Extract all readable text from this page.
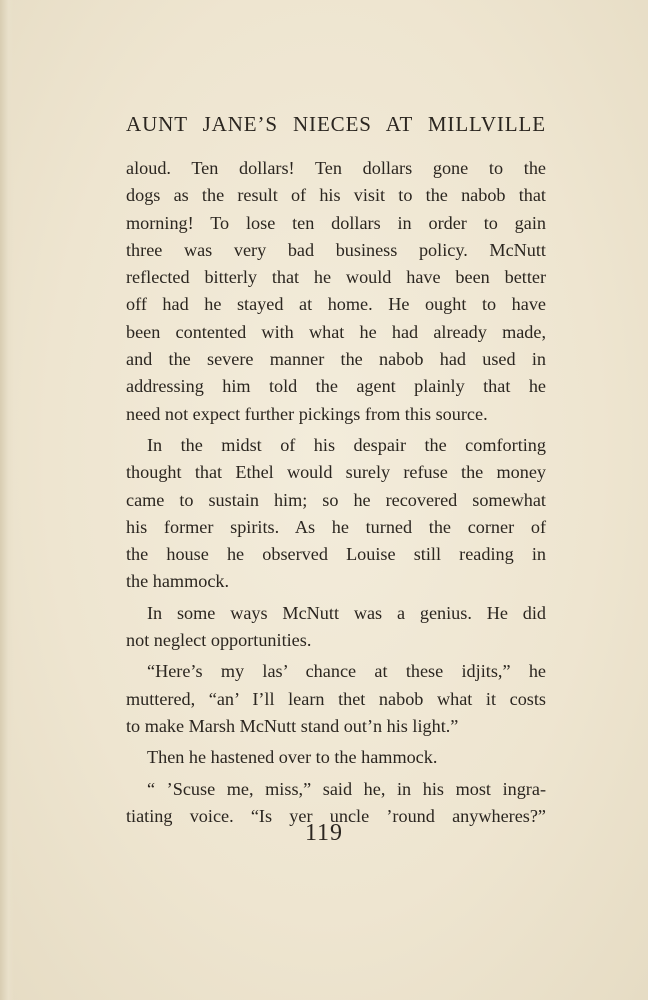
AUNT JANE’S NIECES AT MILLVILLE
aloud. Ten dollars! Ten dollars gone to the
dogs as the result of his visit to the nabob that
morning! To lose ten dollars in order to gain
three was very bad business policy. McNutt
reflected bitterly that he would have been better
off had he stayed at home. He ought to have
been contented with what he had already made,
and the severe manner the nabob had used in
addressing him told the agent plainly that he
need not expect further pickings from this source.
In the midst of his despair the comforting
thought that Ethel would surely refuse the money
came to sustain him; so he recovered somewhat
his former spirits. As he turned the corner of
the house he observed Louise still reading in
the hammock.
In some ways McNutt was a genius. He did
not neglect opportunities.
“Here’s my las’ chance at these idjits,” he
muttered, “an’ I’ll learn thet nabob what it costs
to make Marsh McNutt stand out’n his light.”
Then he hastened over to the hammock.
“ ’Scuse me, miss,” said he, in his most ingra-
tiating voice. “Is yer uncle ’round anywheres?”
119
